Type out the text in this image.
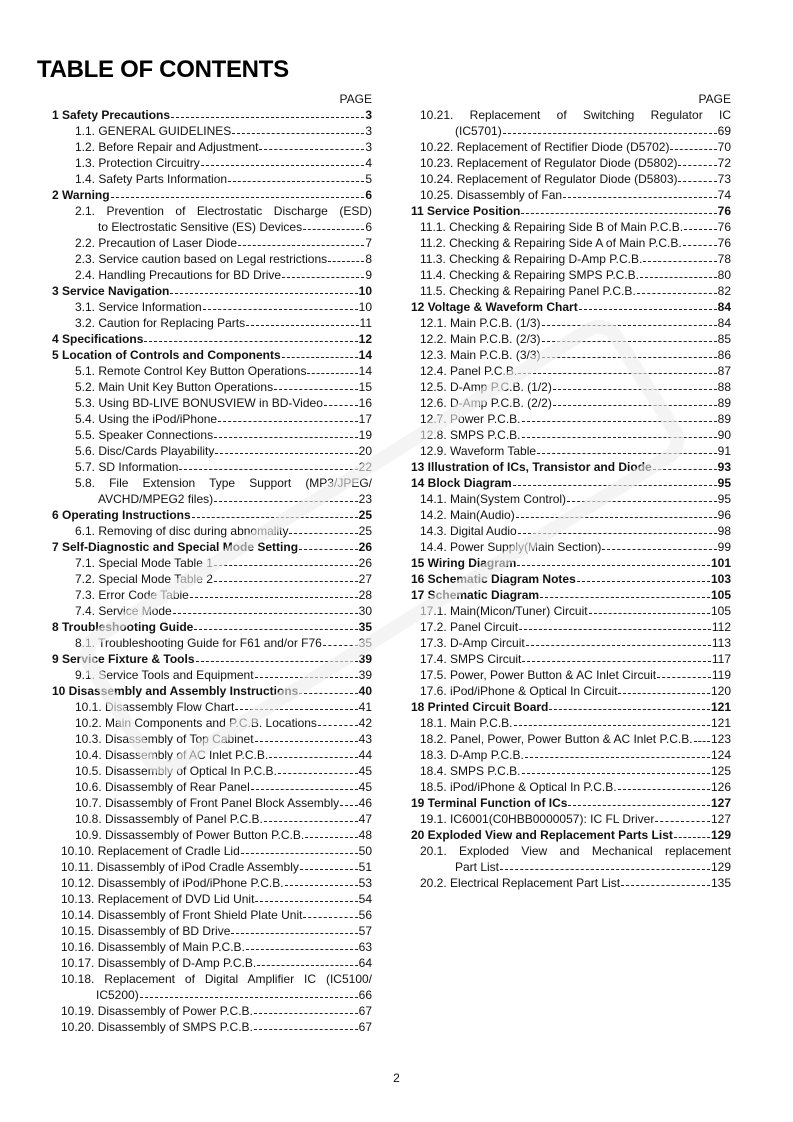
TABLE OF CONTENTS
PAGE
1 Safety Precautions	3
1.1. GENERAL GUIDELINES	3
1.2. Before Repair and Adjustment	3
1.3. Protection Circuitry	4
1.4. Safety Parts Information	5
2 Warning	6
2.1. Prevention of Electrostatic Discharge (ESD)
to Electrostatic Sensitive (ES) Devices	6
2.2. Precaution of Laser Diode	7
2.3. Service caution based on Legal restrictions	8
2.4. Handling Precautions for BD Drive	9
3 Service Navigation	10
3.1. Service Information	10
3.2. Caution for Replacing Parts	11
4 Specifications	12
5 Location of Controls and Components	14
5.1. Remote Control Key Button Operations	14
5.2. Main Unit Key Button Operations	15
5.3. Using BD-LIVE BONUSVIEW in BD-Video	16
5.4. Using the iPod/iPhone	17
5.5. Speaker Connections	19
5.6. Disc/Cards Playability	20
5.7. SD Information	22
5.8. File Extension Type Support (MP3/JPEG/
AVCHD/MPEG2 files)	23
6 Operating Instructions	25
6.1. Removing of disc during abnomality	25
7 Self-Diagnostic and Special Mode Setting	26
7.1. Special Mode Table 1	26
7.2. Special Mode Table 2	27
7.3. Error Code Table	28
7.4. Service Mode	30
8 Troubleshooting Guide	35
8.1. Troubleshooting Guide for F61 and/or F76	35
9 Service Fixture & Tools	39
9.1. Service Tools and Equipment	39
10 Disassembly and Assembly Instructions	40
10.1. Disassembly Flow Chart	41
10.2. Main Components and P.C.B. Locations	42
10.3. Disassembly of Top Cabinet	43
10.4. Disassembly of AC Inlet P.C.B.	44
10.5. Disassembly of Optical In P.C.B.	45
10.6. Disassembly of Rear Panel	45
10.7. Disassembly of Front Panel Block Assembly 46
10.8. Dissassembly of Panel P.C.B.	47
10.9. Dissassembly of Power Button P.C.B.	48
10.10. Replacement of Cradle Lid	50
10.11. Disassembly of iPod Cradle Assembly	51
10.12. Disassembly of iPod/iPhone P.C.B.	53
10.13. Replacement of DVD Lid Unit	54
10.14. Disassembly of Front Shield Plate Unit	56
10.15. Disassembly of BD Drive	57
10.16. Disassembly of Main P.C.B.	63
10.17. Disassembly of D-Amp P.C.B.	64
10.18. Replacement of Digital Amplifier IC (IC5100/
IC5200)	66
10.19. Disassembly of Power P.C.B.	67
10.20. Disassembly of SMPS P.C.B.	67
PAGE
10.21. Replacement of Switching Regulator IC
(IC5701)	69
10.22. Replacement of Rectifier Diode (D5702)	70
10.23. Replacement of Regulator Diode (D5802)	72
10.24. Replacement of Regulator Diode (D5803)	73
10.25. Disassembly of Fan	74
11 Service Position	76
11.1. Checking & Repairing Side B of Main P.C.B.	76
11.2. Checking & Repairing Side A of Main P.C.B.	76
11.3. Checking & Repairing D-Amp P.C.B.	78
11.4. Checking & Repairing SMPS P.C.B.	80
11.5. Checking & Repairing Panel P.C.B.	82
12 Voltage & Waveform Chart	84
12.1. Main P.C.B. (1/3)	84
12.2. Main P.C.B. (2/3)	85
12.3. Main P.C.B. (3/3)	86
12.4. Panel P.C.B.	87
12.5. D-Amp P.C.B. (1/2)	88
12.6. D-Amp P.C.B. (2/2)	89
12.7. Power P.C.B.	89
12.8. SMPS P.C.B.	90
12.9. Waveform Table	91
13 Illustration of ICs, Transistor and Diode	93
14 Block Diagram	95
14.1. Main(System Control)	95
14.2. Main(Audio)	96
14.3. Digital Audio	98
14.4. Power Supply(Main Section)	99
15 Wiring Diagram	101
16 Schematic Diagram Notes	103
17 Schematic Diagram	105
17.1. Main(Micon/Tuner) Circuit	105
17.2. Panel Circuit	112
17.3. D-Amp Circuit	113
17.4. SMPS Circuit	117
17.5. Power, Power Button & AC Inlet Circuit	119
17.6. iPod/iPhone & Optical In Circuit	120
18 Printed Circuit Board	121
18.1. Main P.C.B.	121
18.2. Panel, Power, Power Button & AC Inlet P.C.B. 123
18.3. D-Amp P.C.B.	124
18.4. SMPS P.C.B.	125
18.5. iPod/iPhone & Optical In P.C.B.	126
19 Terminal Function of ICs	127
19.1. IC6001(C0HBB0000057): IC FL Driver	127
20 Exploded View and Replacement Parts List	129
20.1. Exploded View and Mechanical replacement
Part List	129
20.2. Electrical Replacement Part List	135
2
